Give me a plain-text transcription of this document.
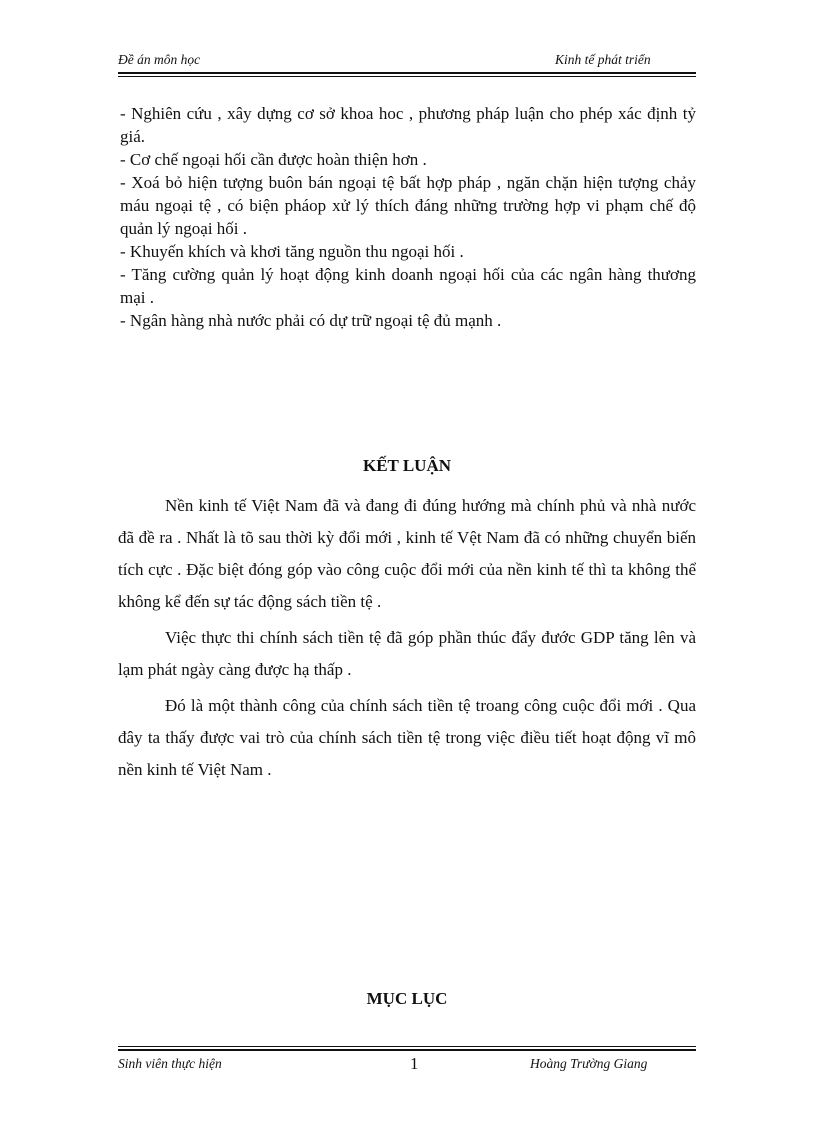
Đề án môn học	Kinh tế phát triển

- Nghiên cứu , xây dựng cơ sở khoa hoc , phương pháp luận cho phép xác định tỷ giá.

- Cơ chế ngoại hối cần được hoàn thiện hơn .

- Xoá bỏ hiện tượng buôn bán ngoại tệ bất hợp pháp , ngăn chặn hiện tượng chảy máu ngoại tệ , có biện pháop xử lý thích đáng những trường hợp vi phạm chế độ quản lý ngoại hối .

- Khuyến khích và khơi tăng nguồn thu ngoại hối .

- Tăng cường quản lý hoạt động kinh doanh ngoại hối của các ngân hàng thương mại .

- Ngân hàng nhà nước phải có dự trữ ngoại tệ đủ mạnh .

KẾT LUẬN

Nền kinh tế Việt Nam đã và đang đi đúng hướng mà chính phủ và nhà nước đã đề ra . Nhất là tõ sau thời kỳ đổi mới , kinh tế Vệt Nam đã có những chuyển biến tích cực . Đặc biệt đóng góp vào công cuộc đổi mới của nền kinh tế thì ta không thể không kể đến sự tác động sách tiền tệ .

Việc thực thi chính sách tiền tệ đã góp phần thúc đẩy đước GDP tăng lên và lạm phát ngày càng được hạ thấp .

Đó là một thành công của chính sách tiền tệ troang công cuộc đổi mới . Qua đây ta thấy được vai trò của chính sách tiền tệ trong việc điều tiết hoạt động vĩ mô nền kinh tế Việt Nam .

MỤC LỤC
Sinh viên thực hiện	1	Hoàng Trường Giang
